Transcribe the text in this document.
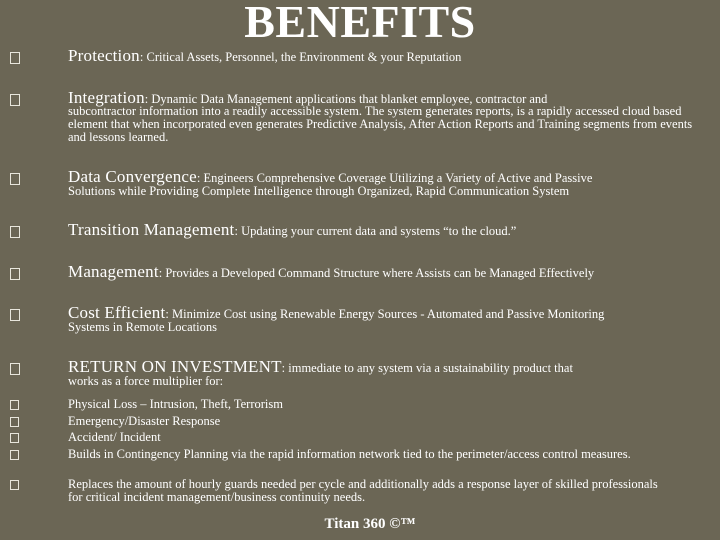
BENEFITS
Protection: Critical Assets, Personnel, the Environment & your Reputation
Integration: Dynamic Data Management applications that blanket employee, contractor and
subcontractor information into a readily accessible system. The system generates reports, is a rapidly accessed cloud based element that when incorporated even generates Predictive Analysis, After Action Reports and Training segments from events and lessons learned.
Data Convergence: Engineers Comprehensive Coverage Utilizing a Variety of Active and Passive
Solutions while Providing Complete Intelligence through Organized, Rapid Communication System
Transition Management: Updating your current data and systems “to the cloud.”
Management: Provides a Developed Command Structure where Assists can be Managed Effectively
Cost Efficient: Minimize Cost using Renewable Energy Sources - Automated and Passive Monitoring
Systems in Remote Locations
RETURN ON INVESTMENT: immediate to any system via a sustainability product that
works as a force multiplier for:
Physical Loss – Intrusion, Theft, Terrorism
Emergency/Disaster Response
Accident/ Incident
Builds in Contingency Planning via the rapid information network tied to the perimeter/access control measures.
Replaces the amount of hourly guards needed per cycle and additionally adds a response layer of skilled professionals for critical incident management/business continuity needs.
Titan 360 ©™
